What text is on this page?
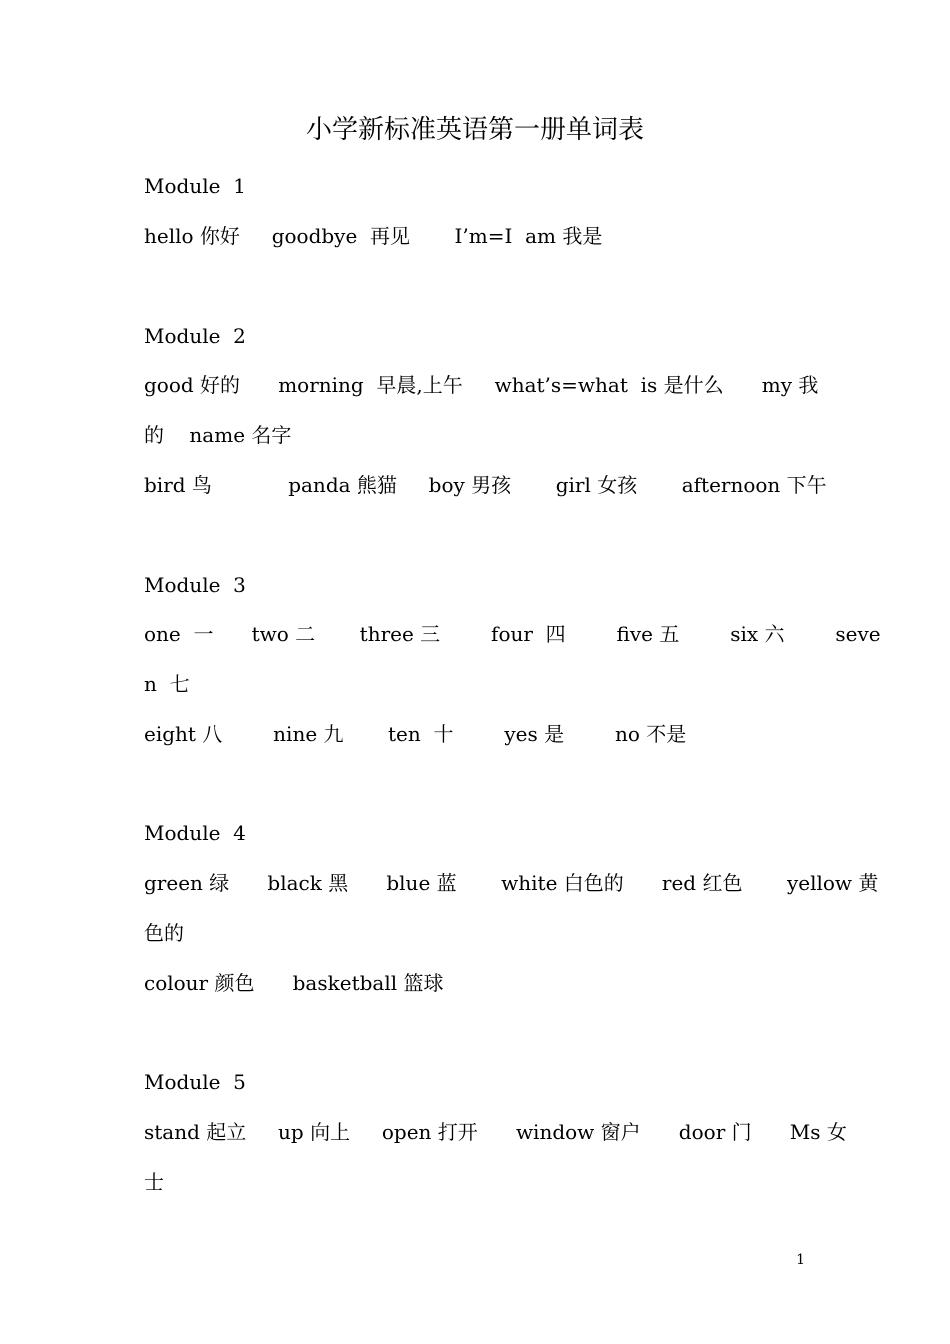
小学新标准英语第一册单词表
Module  1
hello 你好     goodbye  再见       I’m=I  am 我是
Module  2
good 好的      morning  早晨,上午     what’s=what  is 是什么      my 我
的    name 名字
bird 鸟            panda 熊猫     boy 男孩       girl 女孩       afternoon 下午
Module  3
one  一      two 二       three 三        four  四        five 五        six 六        seve
n  七
eight 八        nine 九       ten  十        yes 是        no 不是
Module  4
green 绿      black 黑      blue 蓝       white 白色的      red 红色       yellow 黄
色的
colour 颜色      basketball 篮球
Module  5
stand 起立     up 向上     open 打开      window 窗户      door 门      Ms 女
士
1
